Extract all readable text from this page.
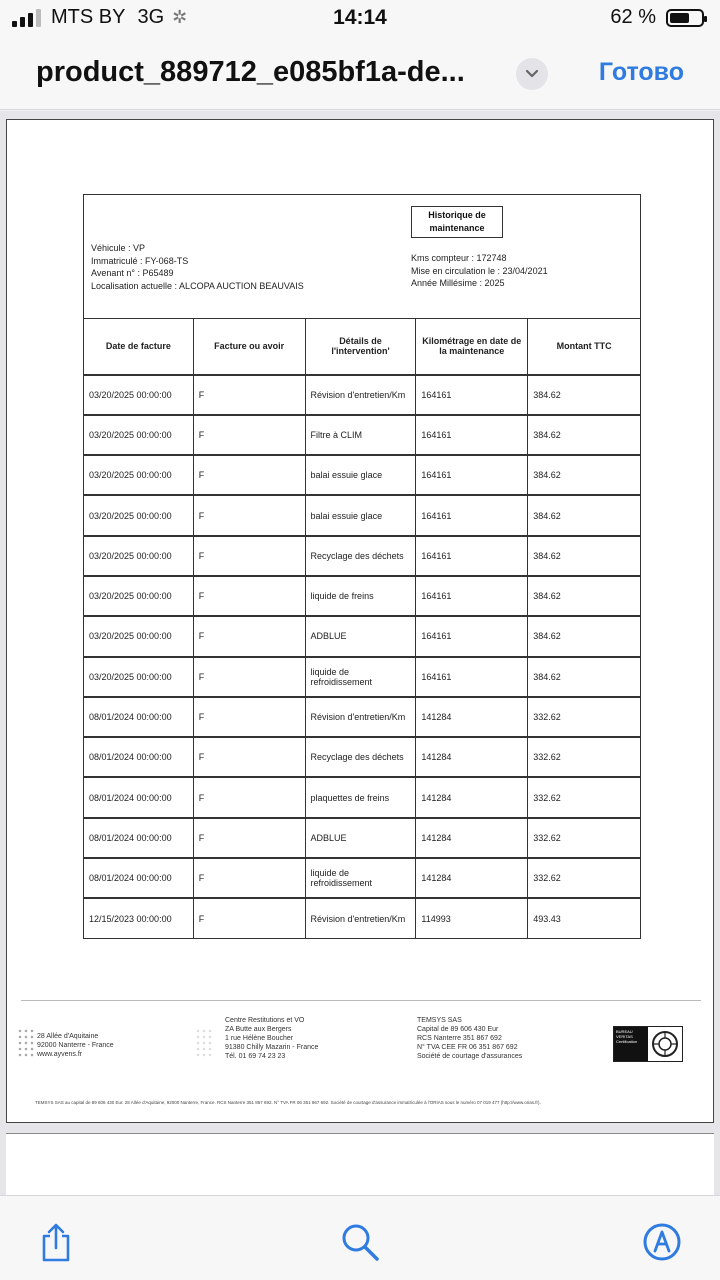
MTS BY 3G ✲	14:14	62 %
product_889712_e085bf1a-de...	Готово
Historique de maintenance
Véhicule : VP
Immatriculé : FY-068-TS
Avenant n° : P65489
Localisation actuelle : ALCOPA AUCTION BEAUVAIS
Kms compteur : 172748
Mise en circulation le : 23/04/2021
Année Millésime : 2025
Date de facture	Facture ou avoir	Détails de l'intervention'	Kilométrage en date de la maintenance	Montant TTC
03/20/2025 00:00:00	F	Révision d'entretien/Km	164161	384.62
03/20/2025 00:00:00	F	Filtre à CLIM	164161	384.62
03/20/2025 00:00:00	F	balai essuie glace	164161	384.62
03/20/2025 00:00:00	F	balai essuie glace	164161	384.62
03/20/2025 00:00:00	F	Recyclage des déchets	164161	384.62
03/20/2025 00:00:00	F	liquide de freins	164161	384.62
03/20/2025 00:00:00	F	ADBLUE	164161	384.62
03/20/2025 00:00:00	F	liquide de refroidissement	164161	384.62
08/01/2024 00:00:00	F	Révision d'entretien/Km	141284	332.62
08/01/2024 00:00:00	F	Recyclage des déchets	141284	332.62
08/01/2024 00:00:00	F	plaquettes de freins	141284	332.62
08/01/2024 00:00:00	F	ADBLUE	141284	332.62
08/01/2024 00:00:00	F	liquide de refroidissement	141284	332.62
12/15/2023 00:00:00	F	Révision d'entretien/Km	114993	493.43
28 Allée d'Aquitaine
92000 Nanterre - France
www.ayvens.fr
Centre Restitutions et VO
ZA Butte aux Bergers
1 rue Hélène Boucher
91380 Chilly Mazarin - France
Tél. 01 69 74 23 23
TEMSYS SAS
Capital de 89 606 430 Eur
RCS Nanterre 351 867 692
N° TVA CEE FR 06 351 867 692
Société de courtage d'assurances
BUREAU VERITAS Certification
TEMSYS SAS au capital de 89 606 430 Eur. 28 Allée d'Aquitaine, 92000 Nanterre, France. RCS Nanterre 351 867 692. N° TVA FR 06 351 867 692. Société de courtage d'assurance immatriculée à l'ORIAS sous le numéro 07 019 477 (http://www.orias.fr).
